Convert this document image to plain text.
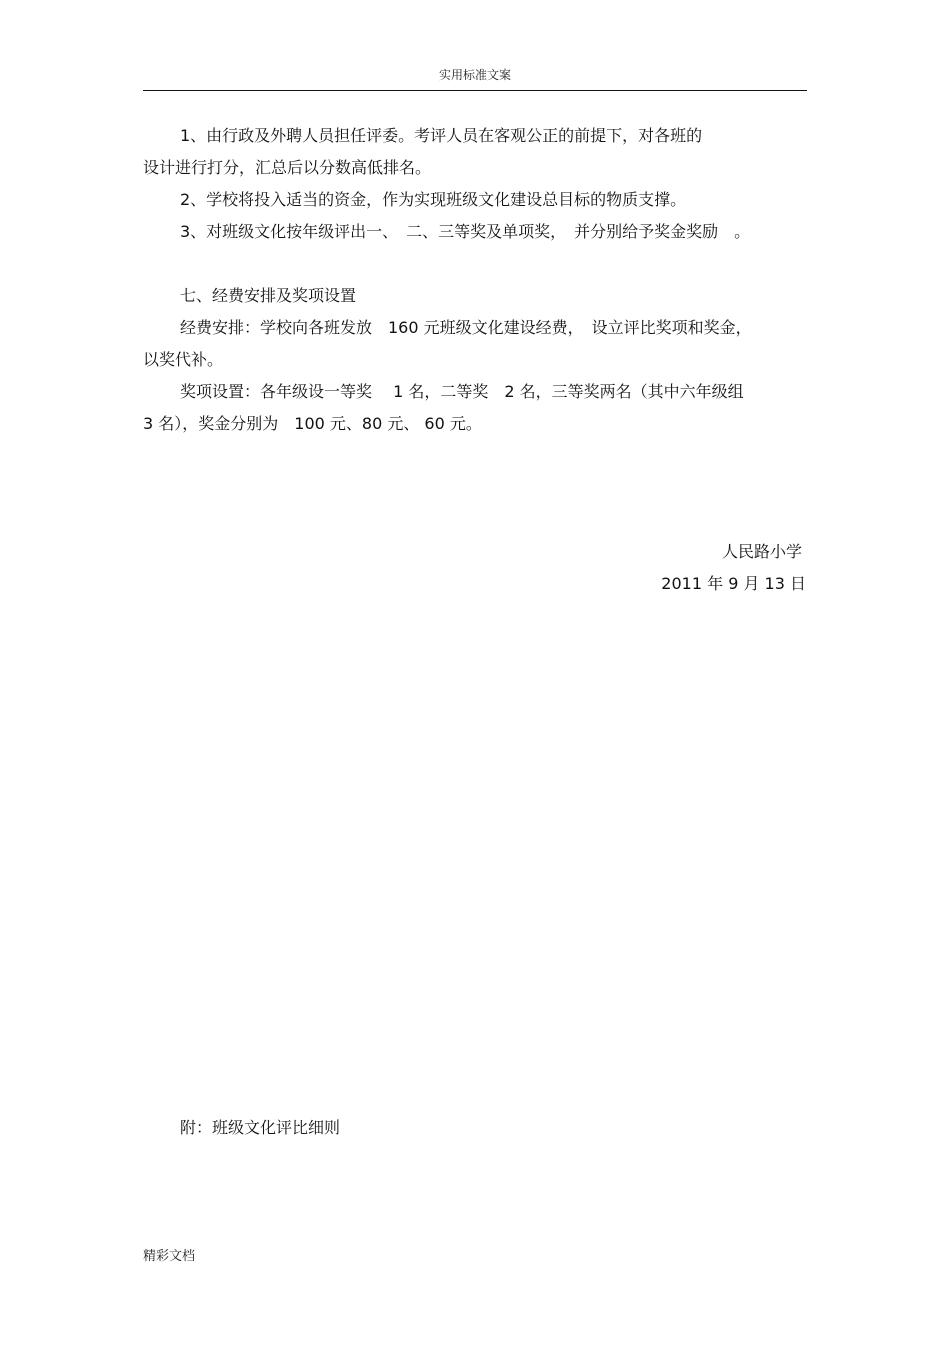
实用标准文案
1、由行政及外聘人员担任评委。考评人员在客观公正的前提下，对各班的
设计进行打分，汇总后以分数高低排名。
2、学校将投入适当的资金，作为实现班级文化建设总目标的物质支撑。
3、对班级文化按年级评出一、　二、三等奖及单项奖，　并分别给予奖金奖励　。
七、经费安排及奖项设置
经费安排：学校向各班发放　160 元班级文化建设经费，　设立评比奖项和奖金，
以奖代补。
奖项设置：各年级设一等奖　 1 名，二等奖　2 名，三等奖两名（其中六年级组
3 名），奖金分别为　100 元、80 元、 60 元。
人民路小学
2011 年 9 月 13 日
附：班级文化评比细则
精彩文档
